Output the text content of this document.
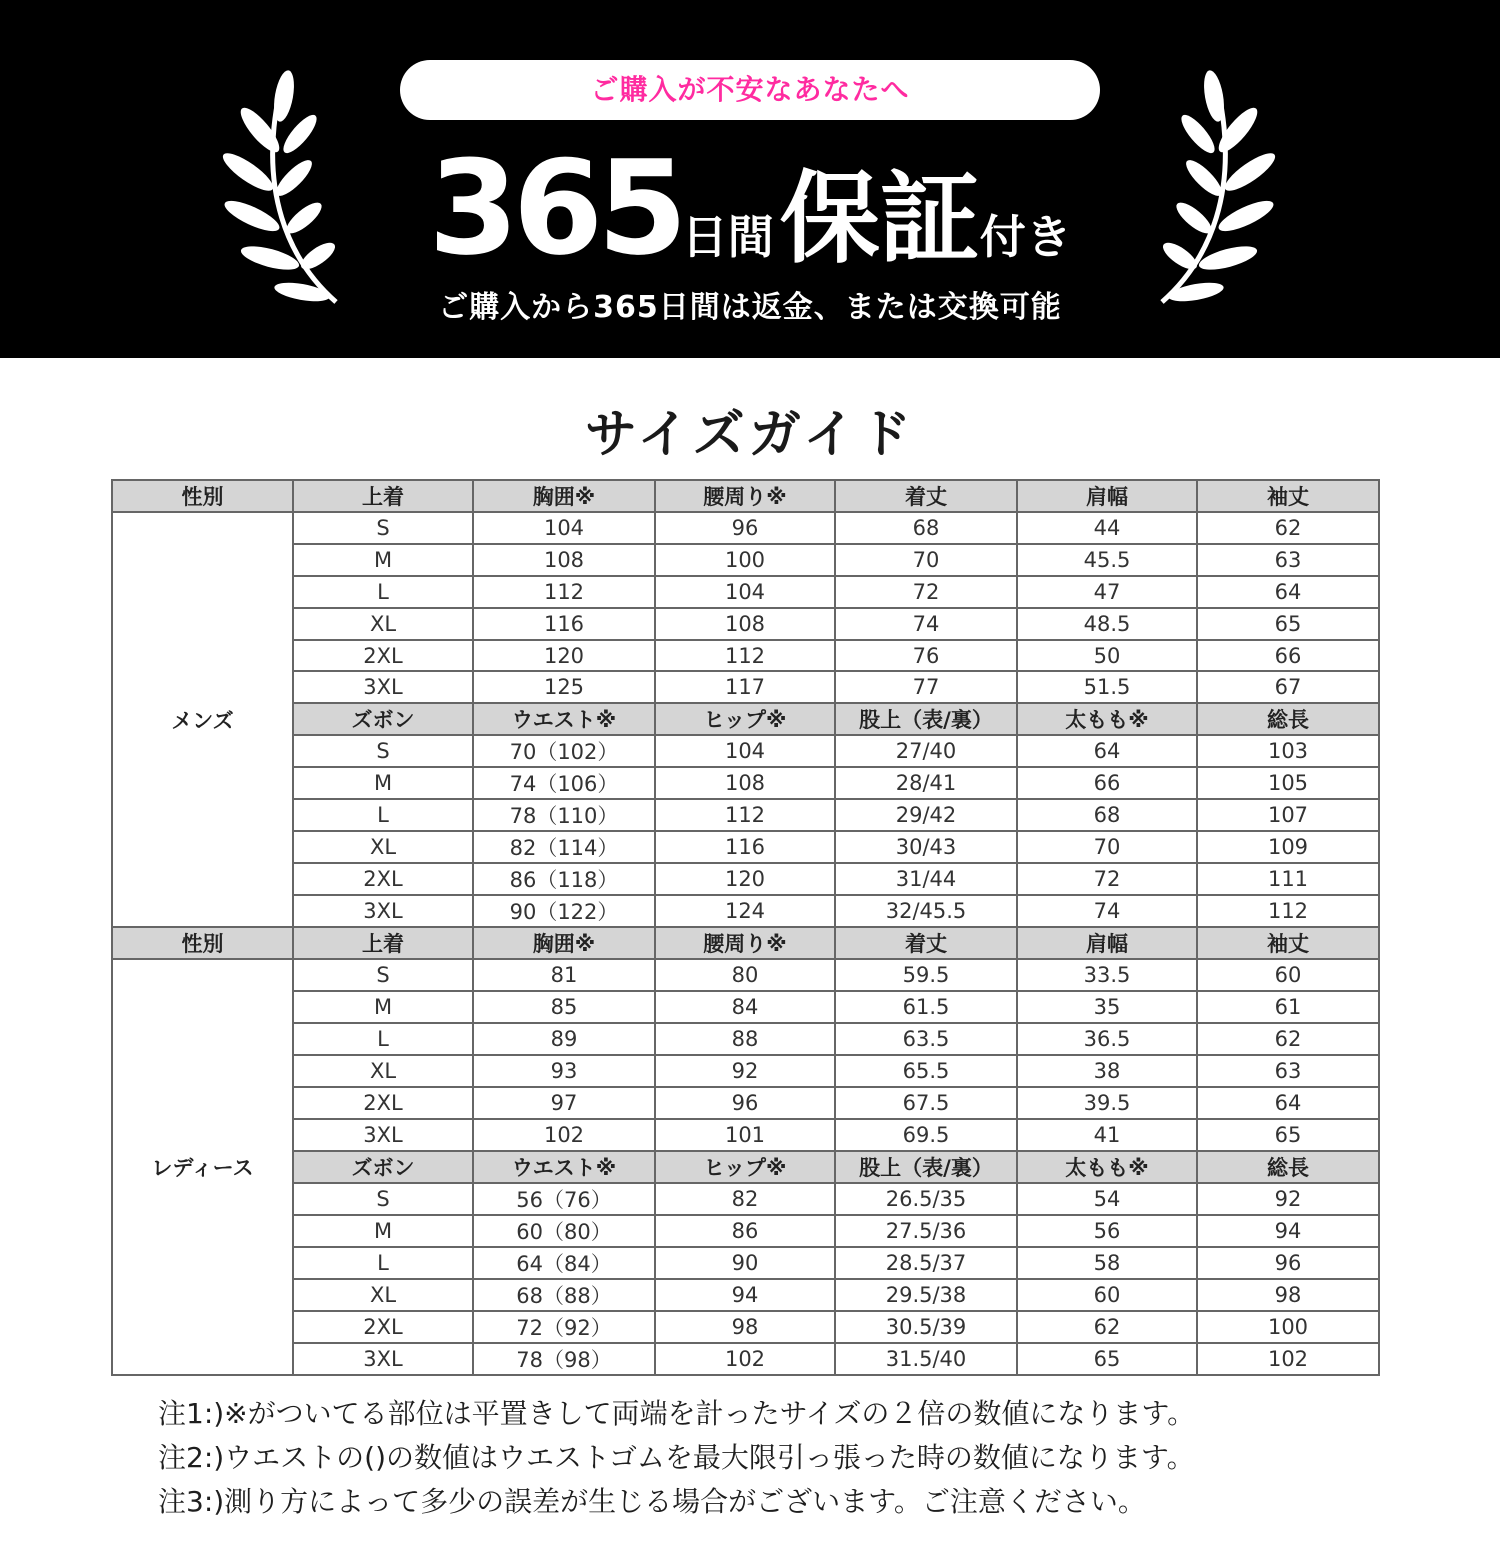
ご購入が不安なあなたへ
365日間保証付き
ご購入から365日間は返金、または交換可能
サイズガイド
性別	上着	胸囲※	腰周り※	着丈	肩幅	袖丈
メンズ	S	104	96	68	44	62
	M	108	100	70	45.5	63
	L	112	104	72	47	64
	XL	116	108	74	48.5	65
	2XL	120	112	76	50	66
	3XL	125	117	77	51.5	67
	ズボン	ウエスト※	ヒップ※	股上（表/裏）	太もも※	総長
	S	70（102）	104	27/40	64	103
	M	74（106）	108	28/41	66	105
	L	78（110）	112	29/42	68	107
	XL	82（114）	116	30/43	70	109
	2XL	86（118）	120	31/44	72	111
	3XL	90（122）	124	32/45.5	74	112
性別	上着	胸囲※	腰周り※	着丈	肩幅	袖丈
レディース	S	81	80	59.5	33.5	60
	M	85	84	61.5	35	61
	L	89	88	63.5	36.5	62
	XL	93	92	65.5	38	63
	2XL	97	96	67.5	39.5	64
	3XL	102	101	69.5	41	65
	ズボン	ウエスト※	ヒップ※	股上（表/裏）	太もも※	総長
	S	56（76）	82	26.5/35	54	92
	M	60（80）	86	27.5/36	56	94
	L	64（84）	90	28.5/37	58	96
	XL	68（88）	94	29.5/38	60	98
	2XL	72（92）	98	30.5/39	62	100
	3XL	78（98）	102	31.5/40	65	102
注1:)※がついてる部位は平置きして両端を計ったサイズの２倍の数値になります。
注2:)ウエストの()の数値はウエストゴムを最大限引っ張った時の数値になります。
注3:)測り方によって多少の誤差が生じる場合がございます。ご注意ください。
